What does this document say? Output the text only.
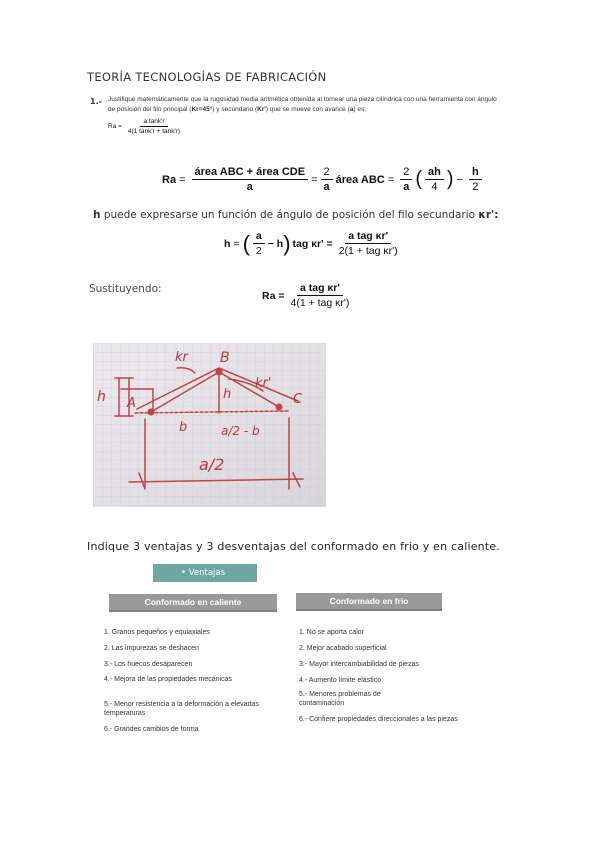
TEORÍA TECNOLOGÍAS DE FABRICACIÓN
1.- Justifique matemáticamente que la rugosidad media aritmética obtenida al tornear una pieza cilíndrica con una herramienta con ángulo de posición del filo principal (Kr=45°) y secundario (Kr') que se mueve con avance (a) es:
$Ra = \frac{\text{a tank'r}}{4(1 \tan k'r + \tan k'r)}$
$Ra = \frac{\text{área ABC + área CDE}}{a} = \frac{2}{a}$ área ABC = $\frac{2}{a}$ ( $\frac{ah}{4}$ ) − $\frac{h}{2}$
h puede expresarse un función de ángulo de posición del filo secundario κr':
h = ( $\frac{a}{2} - h$ ) tag $\kappa r' = \frac{\text{a tag κr'}}{\text{2(1 + tag κr')}}$
Sustituyendo:
$Ra = \frac{\text{a tag κr'}}{\text{4(1 + tag κr')}}$
kr B
kr'
h A
h	C
b	a/2 - b
a/2
Indique 3 ventajas y 3 desventajas del conformado en frio y en caliente.
• Ventajas
Conformado en caliente
1. Granos pequeños y equiaxiales
2. Las impurezas se deshacen
3.- Los huecos desaparecen
4.- Mejora de las propiedades mecánicas
5.- Menor resistencia a la deformación a elevadas temperaturas
6.- Grandes cambios de forma
Conformado en frio
1. No se aporta calor
2. Mejor acabado superficial
3.- Mayor intercambiabilidad de piezas
4.- Aumento límite elástico
5.- Menores problemas de contaminación
6.- Confiere propiedades direccionales a las piezas
